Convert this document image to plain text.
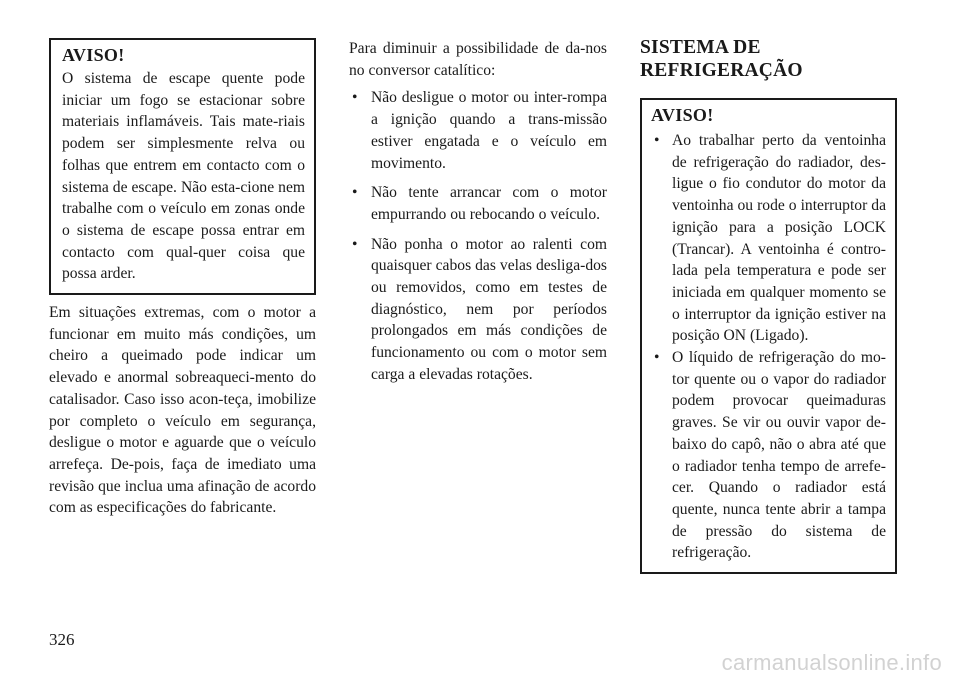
AVISO!

O sistema de escape quente pode iniciar um fogo se estacionar sobre materiais inflamáveis. Tais mate-riais podem ser simplesmente relva ou folhas que entrem em contacto com o sistema de escape. Não esta-cione nem trabalhe com o veículo em zonas onde o sistema de escape possa entrar em contacto com qual-quer coisa que possa arder.

Em situações extremas, com o motor a funcionar em muito más condições, um cheiro a queimado pode indicar um elevado e anormal sobreaqueci-mento do catalisador. Caso isso acon-teça, imobilize por completo o veículo em segurança, desligue o motor e aguarde que o veículo arrefeça. De-pois, faça de imediato uma revisão que inclua uma afinação de acordo com as especificações do fabricante.

Para diminuir a possibilidade de da-nos no conversor catalítico:

• Não desligue o motor ou inter-rompa a ignição quando a trans-missão estiver engatada e o veículo em movimento.
• Não tente arrancar com o motor empurrando ou rebocando o veículo.
• Não ponha o motor ao ralenti com quaisquer cabos das velas desliga-dos ou removidos, como em testes de diagnóstico, nem por períodos prolongados em más condições de funcionamento ou com o motor sem carga a elevadas rotações.
SISTEMA DE
REFRIGERAÇÃO
AVISO!
• Ao trabalhar perto da ventoinha de refrigeração do radiador, des-ligue o fio condutor do motor da ventoinha ou rode o interruptor da ignição para a posição LOCK (Trancar). A ventoinha é contro-lada pela temperatura e pode ser iniciada em qualquer momento se o interruptor da ignição estiver na posição ON (Ligado).
• O líquido de refrigeração do mo-tor quente ou o vapor do radiador podem provocar queimaduras graves. Se vir ou ouvir vapor de-baixo do capô, não o abra até que o radiador tenha tempo de arrefe-cer. Quando o radiador está quente, nunca tente abrir a tampa de pressão do sistema de refrigeração.
326
carmanualsonline.info
